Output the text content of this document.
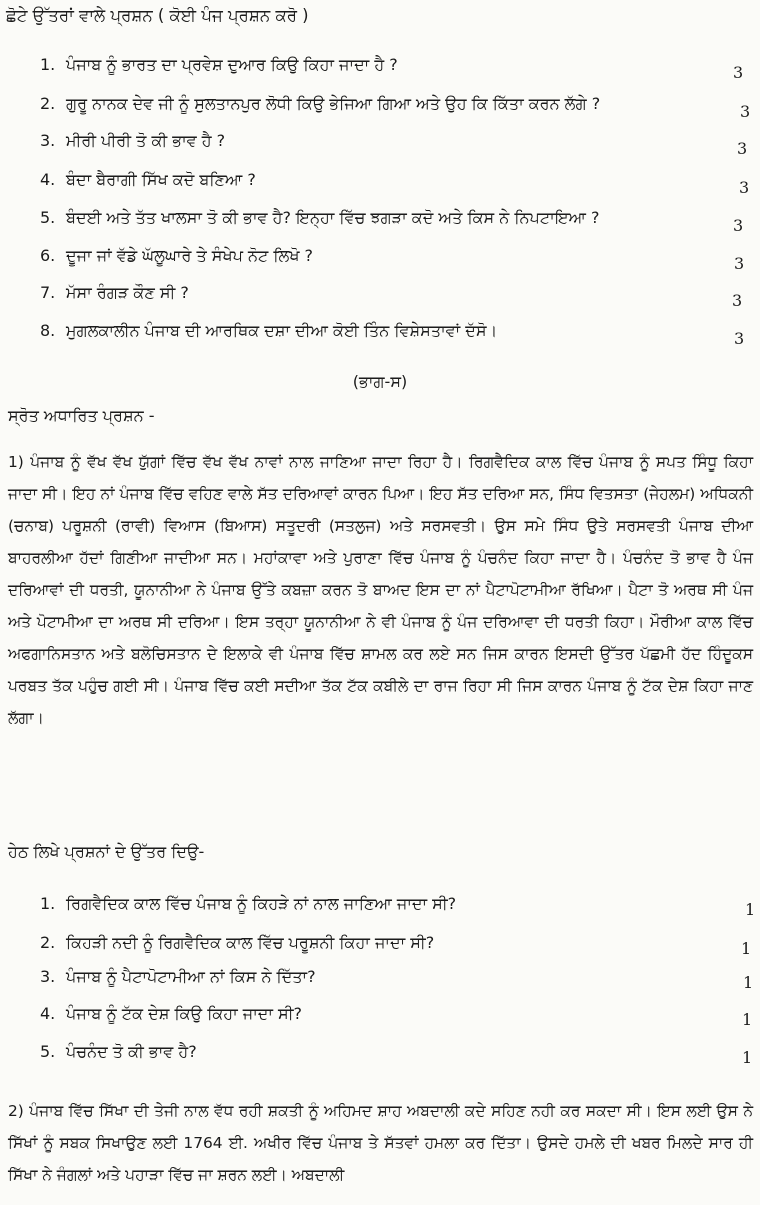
ਛੋਟੇ ਉੱਤਰਾਂ ਵਾਲੇ ਪ੍ਰਸ਼ਨ ( ਕੋਈ ਪੰਜ ਪ੍ਰਸ਼ਨ ਕਰੋ )
1. ਪੰਜਾਬ ਨੂੰ ਭਾਰਤ ਦਾ ਪ੍ਰਵੇਸ਼ ਦੁਆਰ ਕਿਉ ਕਿਹਾ ਜਾਦਾ ਹੈ ?	3
2. ਗੁਰੂ ਨਾਨਕ ਦੇਵ ਜੀ ਨੂੰ ਸੁਲਤਾਨਪੁਰ ਲੋਧੀ ਕਿਉ ਭੇਜਿਆ ਗਿਆ ਅਤੇ ਉਹ ਕਿ ਕਿੱਤਾ ਕਰਨ ਲੱਗੇ ?	3
3. ਮੀਰੀ ਪੀਰੀ ਤੋ ਕੀ ਭਾਵ ਹੈ ?	3
4. ਬੰਦਾ ਬੈਰਾਗੀ ਸਿੱਖ ਕਦੋ ਬਣਿਆ ?	3
5. ਬੰਦਈ ਅਤੇ ਤੱਤ ਖਾਲਸਾ ਤੋ ਕੀ ਭਾਵ ਹੈ? ਇਨ੍ਹਾ ਵਿੱਚ ਝਗੜਾ ਕਦੋ ਅਤੇ ਕਿਸ ਨੇ ਨਿਪਟਾਇਆ ?	3
6. ਦੂਜਾ ਜਾਂ ਵੱਡੇ ਘੱਲੂਘਾਰੇ ਤੇ ਸੰਖੇਪ ਨੋਟ ਲਿਖੋ ?	3
7. ਮੱਸਾ ਰੰਗੜ ਕੌਣ ਸੀ ?	3
8. ਮੁਗਲਕਾਲੀਨ ਪੰਜਾਬ ਦੀ ਆਰਥਿਕ ਦਸ਼ਾ ਦੀਆ ਕੋਈ ਤਿੰਨ ਵਿਸ਼ੇਸਤਾਵਾਂ ਦੱਸੋ।	3
(ਭਾਗ-ਸ)
ਸ੍ਰੋਤ ਅਧਾਰਿਤ ਪ੍ਰਸ਼ਨ -
1) ਪੰਜਾਬ ਨੂੰ ਵੱਖ ਵੱਖ ਯੁੱਗਾਂ ਵਿੱਚ ਵੱਖ ਵੱਖ ਨਾਵਾਂ ਨਾਲ ਜਾਣਿਆ ਜਾਦਾ ਰਿਹਾ ਹੈ। ਰਿਗਵੈਦਿਕ ਕਾਲ ਵਿੱਚ ਪੰਜਾਬ ਨੂੰ ਸਪਤ ਸਿੰਧੂ ਕਿਹਾ ਜਾਦਾ ਸੀ। ਇਹ ਨਾਂ ਪੰਜਾਬ ਵਿੱਚ ਵਹਿਣ ਵਾਲੇ ਸੱਤ ਦਰਿਆਵਾਂ ਕਾਰਨ ਪਿਆ। ਇਹ ਸੱਤ ਦਰਿਆ ਸਨ, ਸਿੰਧ ਵਿਤਸਤਾ (ਜੇਹਲਮ) ਅਧਿਕਨੀ (ਚਨਾਬ) ਪਰੂਸ਼ਨੀ (ਰਾਵੀ) ਵਿਆਸ (ਬਿਆਸ) ਸਤੂਦਰੀ (ਸਤਲੁਜ) ਅਤੇ ਸਰਸਵਤੀ। ਉਸ ਸਮੇ ਸਿੰਧ ਉਤੇ ਸਰਸਵਤੀ ਪੰਜਾਬ ਦੀਆ ਬਾਹਰਲੀਆ ਹੱਦਾਂ ਗਿਣੀਆ ਜਾਦੀਆ ਸਨ। ਮਹਾਂਕਾਵਾ ਅਤੇ ਪੁਰਾਣਾ ਵਿੱਚ ਪੰਜਾਬ ਨੂੰ ਪੰਚਨੰਦ ਕਿਹਾ ਜਾਦਾ ਹੈ। ਪੰਚਨੰਦ ਤੋ ਭਾਵ ਹੈ ਪੰਜ ਦਰਿਆਵਾਂ ਦੀ ਧਰਤੀ, ਯੂਨਾਨੀਆ ਨੇ ਪੰਜਾਬ ਉੱਤੇ ਕਬਜ਼ਾ ਕਰਨ ਤੋ ਬਾਅਦ ਇਸ ਦਾ ਨਾਂ ਪੈਟਾਪੋਟਾਮੀਆ ਰੱਖਿਆ। ਪੈਟਾ ਤੋ ਅਰਥ ਸੀ ਪੰਜ ਅਤੇ ਪੋਟਾਮੀਆ ਦਾ ਅਰਥ ਸੀ ਦਰਿਆ। ਇਸ ਤਰ੍ਹਾ ਯੂਨਾਨੀਆ ਨੇ ਵੀ ਪੰਜਾਬ ਨੂੰ ਪੰਜ ਦਰਿਆਵਾ ਦੀ ਧਰਤੀ ਕਿਹਾ। ਮੌਰੀਆ ਕਾਲ ਵਿੱਚ ਅਫਗਾਨਿਸਤਾਨ ਅਤੇ ਬਲੋਚਿਸਤਾਨ ਦੇ ਇਲਾਕੇ ਵੀ ਪੰਜਾਬ ਵਿੱਚ ਸ਼ਾਮਲ ਕਰ ਲਏ ਸਨ ਜਿਸ ਕਾਰਨ ਇਸਦੀ ਉੱਤਰ ਪੱਛਮੀ ਹੱਦ ਹਿੰਦੂਕਸ ਪਰਬਤ ਤੱਕ ਪਹੁੰਚ ਗਈ ਸੀ। ਪੰਜਾਬ ਵਿੱਚ ਕਈ ਸਦੀਆ ਤੱਕ ਟੱਕ ਕਬੀਲੇ ਦਾ ਰਾਜ ਰਿਹਾ ਸੀ ਜਿਸ ਕਾਰਨ ਪੰਜਾਬ ਨੂੰ ਟੱਕ ਦੇਸ਼ ਕਿਹਾ ਜਾਣ ਲੱਗਾ।
ਹੇਠ ਲਿਖੇ ਪ੍ਰਸ਼ਨਾਂ ਦੇ ਉੱਤਰ ਦਿਉ-
1. ਰਿਗਵੈਦਿਕ ਕਾਲ ਵਿੱਚ ਪੰਜਾਬ ਨੂੰ ਕਿਹੜੇ ਨਾਂ ਨਾਲ ਜਾਣਿਆ ਜਾਦਾ ਸੀ?	1
2. ਕਿਹੜੀ ਨਦੀ ਨੂੰ ਰਿਗਵੈਦਿਕ ਕਾਲ ਵਿੱਚ ਪਰੂਸ਼ਨੀ ਕਿਹਾ ਜਾਦਾ ਸੀ?	1
3. ਪੰਜਾਬ ਨੂੰ ਪੈਟਾਪੋਟਾਮੀਆ ਨਾਂ ਕਿਸ ਨੇ ਦਿੱਤਾ?	1
4. ਪੰਜਾਬ ਨੂੰ ਟੱਕ ਦੇਸ਼ ਕਿਉ ਕਿਹਾ ਜਾਦਾ ਸੀ?	1
5. ਪੰਚਨੰਦ ਤੋ ਕੀ ਭਾਵ ਹੈ?	1
2) ਪੰਜਾਬ ਵਿੱਚ ਸਿੱਖਾ ਦੀ ਤੇਜੀ ਨਾਲ ਵੱਧ ਰਹੀ ਸ਼ਕਤੀ ਨੂੰ ਅਹਿਮਦ ਸ਼ਾਹ ਅਬਦਾਲੀ ਕਦੇ ਸਹਿਣ ਨਹੀ ਕਰ ਸਕਦਾ ਸੀ। ਇਸ ਲਈ ਉਸ ਨੇ ਸਿੱਖਾਂ ਨੂੰ ਸਬਕ ਸਿਖਾਉਣ ਲਈ 1764 ਈ. ਅਖੀਰ ਵਿੱਚ ਪੰਜਾਬ ਤੇ ਸੱਤਵਾਂ ਹਮਲਾ ਕਰ ਦਿੱਤਾ। ਉਸਦੇ ਹਮਲੇ ਦੀ ਖਬਰ ਮਿਲਦੇ ਸਾਰ ਹੀ ਸਿੱਖਾ ਨੇ ਜੰਗਲਾਂ ਅਤੇ ਪਹਾੜਾ ਵਿੱਚ ਜਾ ਸ਼ਰਨ ਲਈ। ਅਬਦਾਲੀ
